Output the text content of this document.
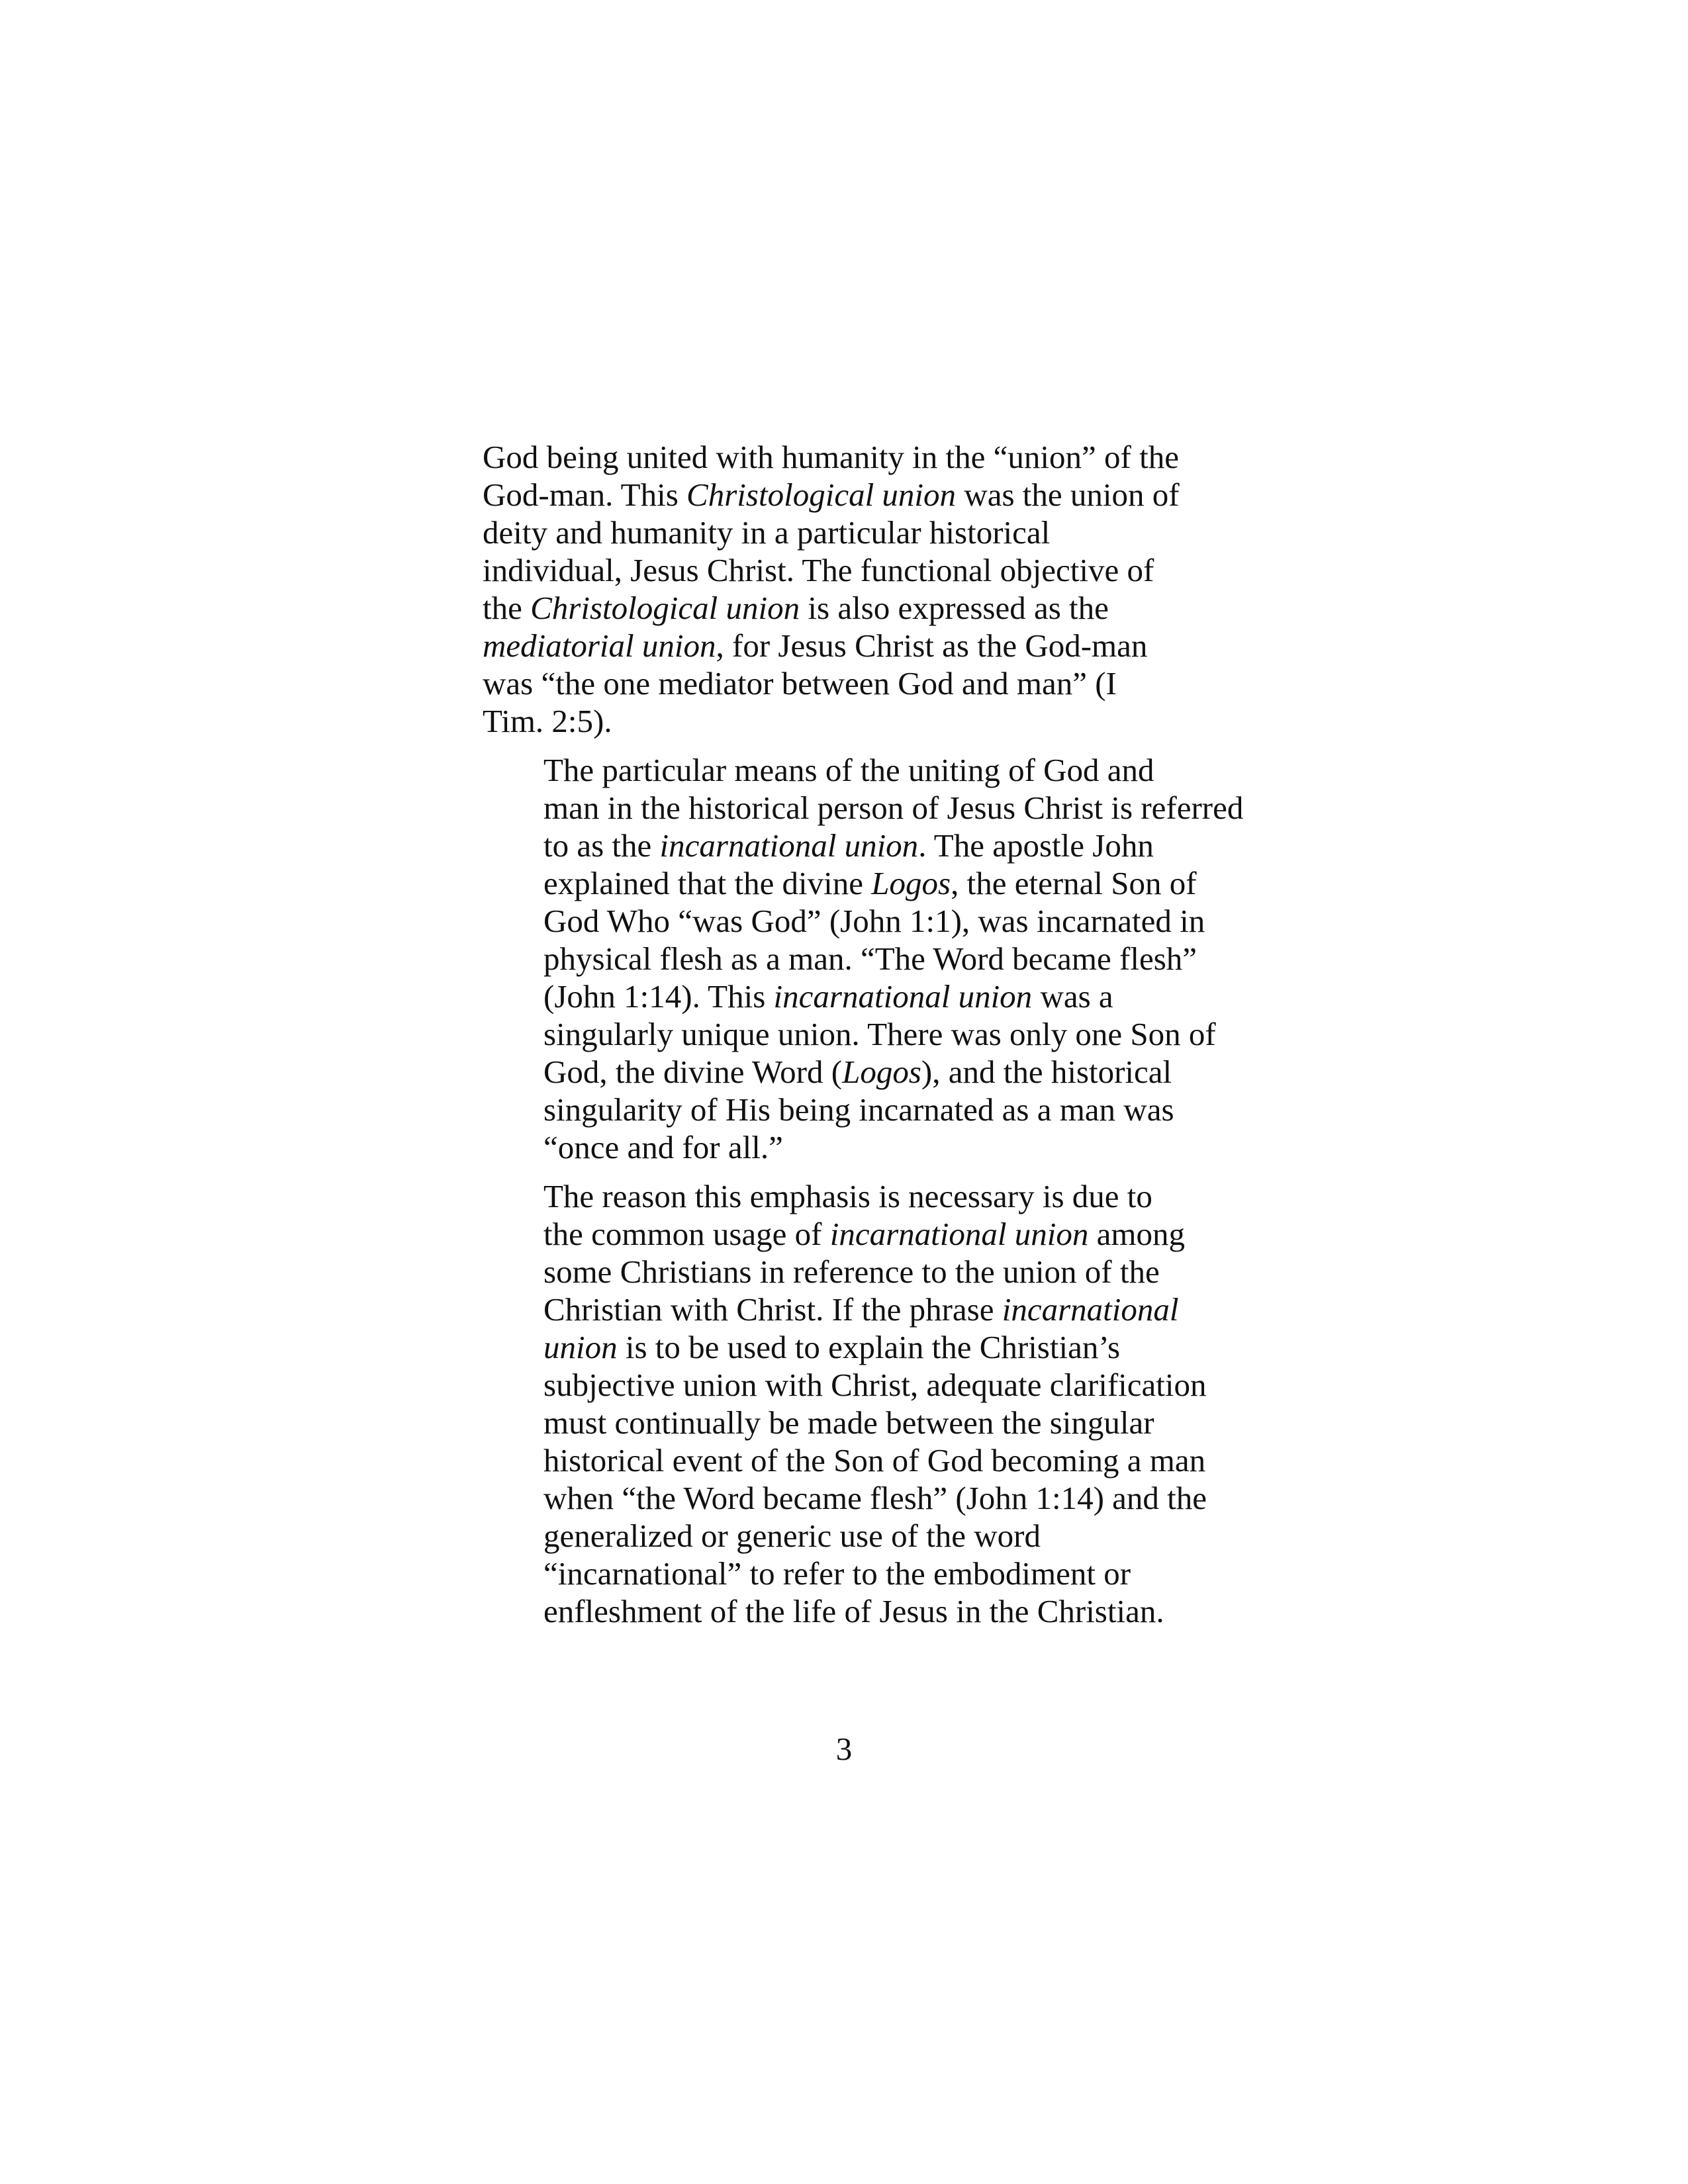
God being united with humanity in the “union” of the
God-man. This Christological union was the union of
deity and humanity in a particular historical
individual, Jesus Christ. The functional objective of
the Christological union is also expressed as the
mediatorial union, for Jesus Christ as the God-man
was “the one mediator between God and man” (I
Tim. 2:5).

The particular means of the uniting of God and
man in the historical person of Jesus Christ is referred
to as the incarnational union. The apostle John
explained that the divine Logos, the eternal Son of
God Who “was God” (John 1:1), was incarnated in
physical flesh as a man. “The Word became flesh”
(John 1:14). This incarnational union was a
singularly unique union. There was only one Son of
God, the divine Word (Logos), and the historical
singularity of His being incarnated as a man was
“once and for all.”

The reason this emphasis is necessary is due to
the common usage of incarnational union among
some Christians in reference to the union of the
Christian with Christ. If the phrase incarnational
union is to be used to explain the Christian’s
subjective union with Christ, adequate clarification
must continually be made between the singular
historical event of the Son of God becoming a man
when “the Word became flesh” (John 1:14) and the
generalized or generic use of the word
“incarnational” to refer to the embodiment or
enfleshment of the life of Jesus in the Christian.

3
